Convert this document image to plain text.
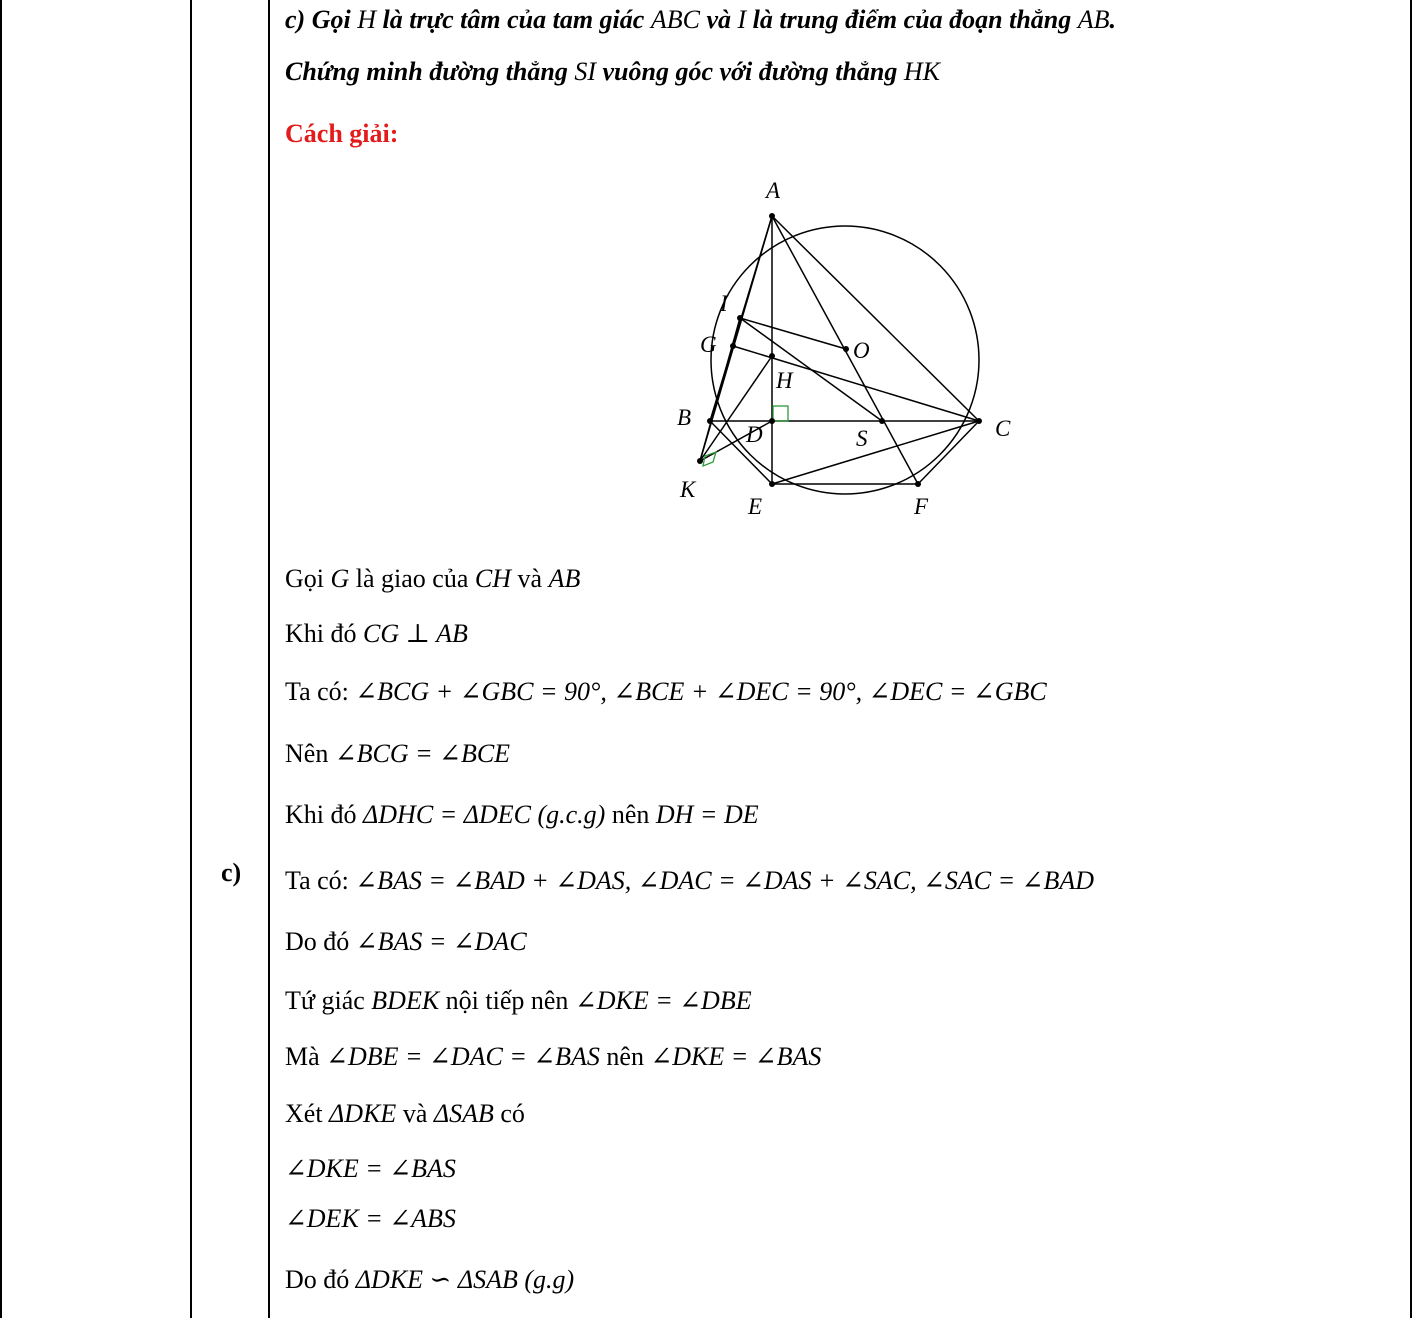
c)
c) Gọi H là trực tâm của tam giác ABC và I là trung điểm của đoạn thẳng AB.
Chứng minh đường thẳng SI vuông góc với đường thẳng HK
Cách giải:
A
I
G	O
H
B
D	S	C
K
E	F
Gọi G là giao của CH và AB
Khi đó CG ⊥ AB
Ta có: ∠BCG + ∠GBC = 90°, ∠BCE + ∠DEC = 90°, ∠DEC = ∠GBC
Nên ∠BCG = ∠BCE
Khi đó ΔDHC = ΔDEC (g.c.g) nên DH = DE
Ta có: ∠BAS = ∠BAD + ∠DAS, ∠DAC = ∠DAS + ∠SAC, ∠SAC = ∠BAD
Do đó ∠BAS = ∠DAC
Tứ giác BDEK nội tiếp nên ∠DKE = ∠DBE
Mà ∠DBE = ∠DAC = ∠BAS nên ∠DKE = ∠BAS
Xét ΔDKE và ΔSAB có
∠DKE = ∠BAS
∠DEK = ∠ABS
Do đó ΔDKE ∽ ΔSAB (g.g)
